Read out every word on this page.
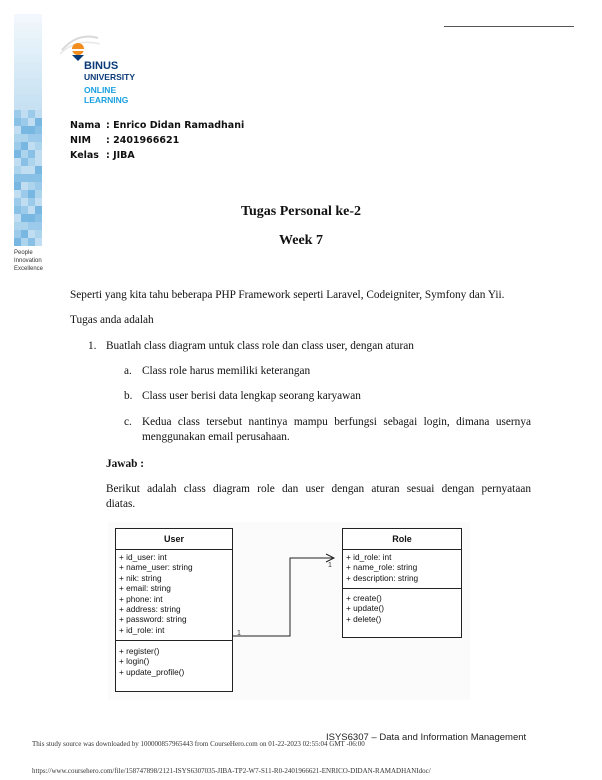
People
Innovation
Excellence
BINUS
UNIVERSITY
ONLINE
LEARNING
Nama : Enrico Didan Ramadhani
NIM : 2401966621
Kelas : JIBA
Tugas Personal ke-2
Week 7
Seperti yang kita tahu beberapa PHP Framework seperti Laravel, Codeigniter, Symfony dan Yii.
Tugas anda adalah
1. Buatlah class diagram untuk class role dan class user, dengan aturan
a. Class role harus memiliki keterangan
b. Class user berisi data lengkap seorang karyawan
c. Kedua class tersebut nantinya mampu berfungsi sebagai login, dimana usernya
menggunakan email perusahaan.
Jawab :
Berikut adalah class diagram role dan user dengan aturan sesuai dengan pernyataan
diatas.
1
1
User
+ id_user: int
+ name_user: string
+ nik: string
+ email: string
+ phone: int
+ address: string
+ password: string
+ id_role: int
+ register()
+ login()
+ update_profile()
Role
+ id_role: int
+ name_role: string
+ description: string
+ create()
+ update()
+ delete()
ISYS6307 – Data and Information Management
This study source was downloaded by 100000857965443 from CourseHero.com on 01-22-2023 02:55:04 GMT -06:00
https://www.coursehero.com/file/158747898/2121-ISYS6307035-JIBA-TP2-W7-S11-R0-2401966621-ENRICO-DIDAN-RAMADHANIdoc/
